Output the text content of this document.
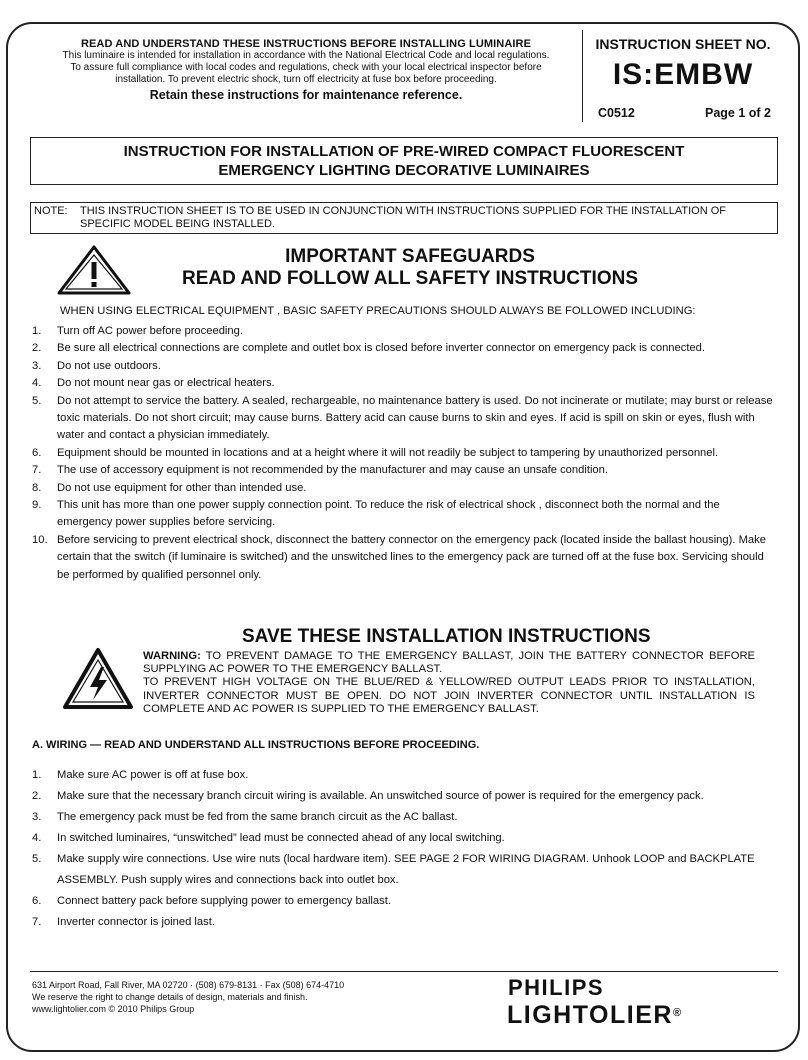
READ AND UNDERSTAND THESE INSTRUCTIONS BEFORE INSTALLING LUMINAIRE
This luminaire is intended for installation in accordance with the National Electrical Code and local regulations.
To assure full compliance with local codes and regulations, check with your local electrical inspector before
installation. To prevent electric shock, turn off electricity at fuse box before proceeding.
Retain these instructions for maintenance reference.
INSTRUCTION SHEET NO.
IS:EMBW
C0512	Page 1 of 2
INSTRUCTION FOR INSTALLATION OF PRE-WIRED COMPACT FLUORESCENT
EMERGENCY LIGHTING DECORATIVE LUMINAIRES
NOTE: THIS INSTRUCTION SHEET IS TO BE USED IN CONJUNCTION WITH INSTRUCTIONS SUPPLIED FOR THE INSTALLATION OF SPECIFIC MODEL BEING INSTALLED.
IMPORTANT SAFEGUARDS
READ AND FOLLOW ALL SAFETY INSTRUCTIONS
WHEN USING ELECTRICAL EQUIPMENT , BASIC SAFETY PRECAUTIONS SHOULD ALWAYS BE FOLLOWED INCLUDING:
1. Turn off AC power before proceeding.
2. Be sure all electrical connections are complete and outlet box is closed before inverter connector on emergency pack is connected.
3. Do not use outdoors.
4. Do not mount near gas or electrical heaters.
5. Do not attempt to service the battery. A sealed, rechargeable, no maintenance battery is used. Do not incinerate or mutilate; may burst or release toxic materials. Do not short circuit; may cause burns. Battery acid can cause burns to skin and eyes. If acid is spill on skin or eyes, flush with water and contact a physician immediately.
6. Equipment should be mounted in locations and at a height where it will not readily be subject to tampering by unauthorized personnel.
7. The use of accessory equipment is not recommended by the manufacturer and may cause an unsafe condition.
8. Do not use equipment for other than intended use.
9. This unit has more than one power supply connection point. To reduce the risk of electrical shock , disconnect both the normal and the emergency power supplies before servicing.
10. Before servicing to prevent electrical shock, disconnect the battery connector on the emergency pack (located inside the ballast housing). Make certain that the switch (if luminaire is switched) and the unswitched lines to the emergency pack are turned off at the fuse box. Servicing should be performed by qualified personnel only.
SAVE THESE INSTALLATION INSTRUCTIONS
WARNING: TO PREVENT DAMAGE TO THE EMERGENCY BALLAST, JOIN THE BATTERY CONNECTOR BEFORE SUPPLYING AC POWER TO THE EMERGENCY BALLAST.
TO PREVENT HIGH VOLTAGE ON THE BLUE/RED & YELLOW/RED OUTPUT LEADS PRIOR TO INSTALLATION, INVERTER CONNECTOR MUST BE OPEN. DO NOT JOIN INVERTER CONNECTOR UNTIL INSTALLATION IS COMPLETE AND AC POWER IS SUPPLIED TO THE EMERGENCY BALLAST.
A. WIRING — READ AND UNDERSTAND ALL INSTRUCTIONS BEFORE PROCEEDING.
1. Make sure AC power is off at fuse box.
2. Make sure that the necessary branch circuit wiring is available. An unswitched source of power is required for the emergency pack.
3. The emergency pack must be fed from the same branch circuit as the AC ballast.
4. In switched luminaires, “unswitched” lead must be connected ahead of any local switching.
5. Make supply wire connections. Use wire nuts (local hardware item). SEE PAGE 2 FOR WIRING DIAGRAM. Unhook LOOP and BACKPLATE ASSEMBLY. Push supply wires and connections back into outlet box.
6. Connect battery pack before supplying power to emergency ballast.
7. Inverter connector is joined last.
631 Airport Road, Fall River, MA 02720 · (508) 679-8131 · Fax (508) 674-4710
We reserve the right to change details of design, materials and finish.
www.lightolier.com © 2010 Philips Group
PHILIPS
LIGHTOLIER®
